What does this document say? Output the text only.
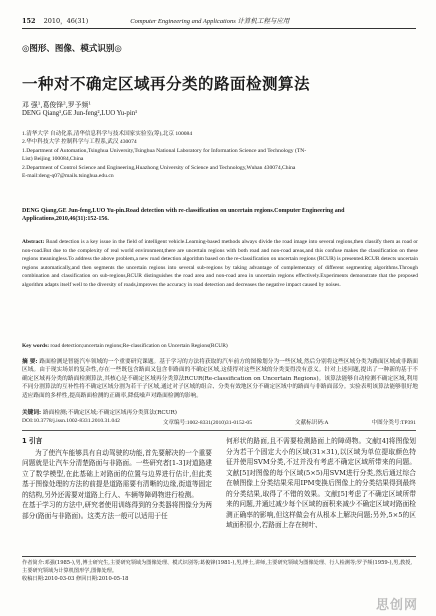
152 2010，46(31)	Computer Engineering and Applications 计算机工程与应用
◎图形、图像、模式识别◎
一种对不确定区域再分类的路面检测算法
邓 强¹,葛俊锋²,罗予频¹
DENG Qiang¹,GE Jun-feng²,LUO Yu-pin¹
1.清华大学 自动化系,清华信息科学与技术国家实验室(筹),北京 100084
2.华中科技大学 控制科学与工程系,武汉 430074
1.Department of Automation,Tsinghua University,Tsinghua National Laboratory for Information Science and Technology (TN-
List) Beijing 100084,China
2.Department of Control Science and Engineering,Huazhong University of Science and Technology,Wuhan 430074,China
E-mail:deng-q07@mails.tsinghua.edu.cn
DENG Qiang,GE Jun-feng,LUO Yu-pin.Road detection with re-classification on uncertain regions.Computer Engineering and Applications,2010,46(31):152-156.
Abstract: Road detection is a key issue in the field of intelligent vehicle.Learning-based methods always divide the road image into several regions,then classify them as road or non-road.But due to the complexity of real world environment,there are uncertain regions with both road and non-road areas,and this confuse makes the classification on these regions meaningless.To address the above problem,a new road detection algorithm based on the re-classification on uncertain regions (RCUR) is presented.RCUR detects uncertain regions automatically,and then segments the uncertain regions into several sub-regions by taking advantage of complementary of different segmenting algorithms.Through combination and classification on sub-regions,RCUR distinguishes the road area and non-road area in uncertain regions effectively.Experiments demonstrate that the proposed algorithm adapts itself well to the diversity of roads,improves the accuracy in road detection and decreases the negative impact caused by noises.
Key words: road detection;uncertain regions;Re-classification on Uncertain Regions(RCUR)
摘 要: 路面检测是智能汽车领域的一个重要研究课题。基于学习的方法将获取的汽车前方的图像划分为一些区域,然后分别将这些区域分类为路面区域或非路面区域。由于现实场景的复杂性,存在一些既包含路面又包含非路面的不确定区域,这使得对这些区域的分类变得没有意义。针对上述问题,提出了一种新的基于不确定区域再分类的路面检测算法,其核心是不确定区域再分类算法RCUR(Re-classification on Uncertain Regions)。该算法能够自动检测不确定区域,利用不同分割算法的互补性将不确定区域分割为若干子区域,通过对子区域的组合、分类有效地区分不确定区域中的路面与非路面部分。实验表明该算法能够很好地适应路面的多样性,提高路面检测的正确率,降低噪声对路面检测的影响。
关键词: 路面检测;不确定区域;不确定区域再分类算法(RCUR)
DOI:10.3778/j.issn.1002-8331.2010.31.042	文章编号:1002-8331(2010)31-0152-05	文献标识码:A	中图分类号:TP391
1 引言
为了使汽车能够具有自动驾驶的功能,首先要解决的一个重要问题就是让汽车分清楚路面与非路面。一些研究者[1-3]对道路建立了数学模型,在此基础上对路面的位置与边界进行估计,但此类基于图像处理的方法的前提是道路需要有清晰的边缘,街道等固定的结构,另外还需要对道路上行人、车辆等障碍物进行检测。
在基于学习的方法中,研究者使用训练得到的分类器将图像分为两部分(路面与非路面)。这类方法一般可以适用于任
何形状的路面,且不需要检测路面上的障碍物。文献[4]将图像划分为若干个固定大小的区域(31×31),以区域为单位提取颜色特征并使用SVM分类,不过并没有考虑不确定区域所带来的问题。文献[5]对图像的每个区域(5×5)用SVM进行分类,然后通过综合在帧图像上分类结果采用IPM变换后图像上的分类结果得到最终的分类结果,取得了不错的效果。文献[5]考虑了不确定区域所带来的问题,并通过减少每个区域的面积来减少不确定区域对路面检测正确率的影响,但这样做会有从根本上解决问题;另外,5×5的区域面积很小,若路面上存在树叶、
作者简介:邓强(1985-),男,博士研究生,主要研究领域为图像处理、模式识别等;葛俊锋(1981-),男,博士,讲师,主要研究领域为图像处理、行人检测等;罗予频(1959-),男,教授,主要研究领域为计算机图形学,图像处理。
收稿日期:2010-03-03 修回日期:2010-05-18
思创网
